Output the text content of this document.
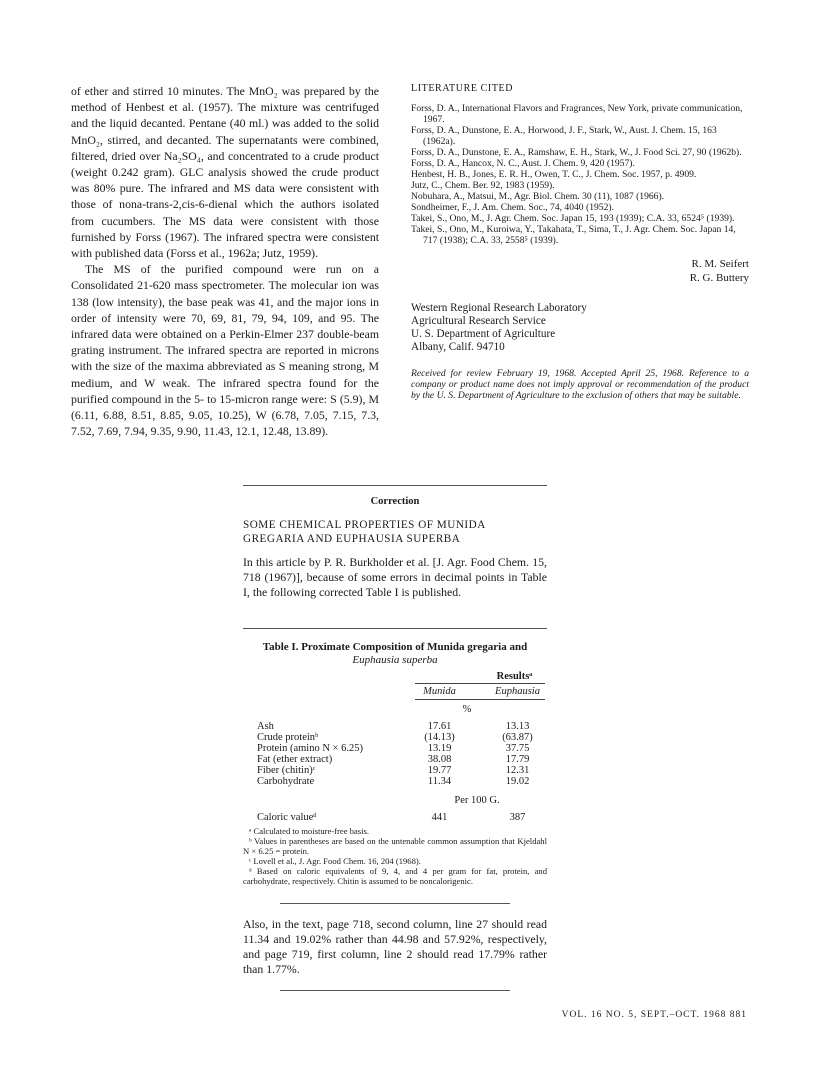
of ether and stirred 10 minutes. The MnO₂ was prepared by the method of Henbest et al. (1957). The mixture was centrifuged and the liquid decanted. Pentane (40 ml.) was added to the solid MnO₂, stirred, and decanted. The supernatants were combined, filtered, dried over Na₂SO₄, and concentrated to a crude product (weight 0.242 gram). GLC analysis showed the crude product was 80% pure. The infrared and MS data were consistent with those of nona-trans-2,cis-6-dienal which the authors isolated from cucumbers. The MS data were consistent with those furnished by Forss (1967). The infrared spectra were consistent with published data (Forss et al., 1962a; Jutz, 1959).

The MS of the purified compound were run on a Consolidated 21-620 mass spectrometer. The molecular ion was 138 (low intensity), the base peak was 41, and the major ions in order of intensity were 70, 69, 81, 79, 94, 109, and 95. The infrared data were obtained on a Perkin-Elmer 237 double-beam grating instrument. The infrared spectra are reported in microns with the size of the maxima abbreviated as S meaning strong, M medium, and W weak. The infrared spectra found for the purified compound in the 5- to 15-micron range were: S (5.9), M (6.11, 6.88, 8.51, 8.85, 9.05, 10.25), W (6.78, 7.05, 7.15, 7.3, 7.52, 7.69, 7.94, 9.35, 9.90, 11.43, 12.1, 12.48, 13.89).

LITERATURE CITED

Forss, D. A., International Flavors and Fragrances, New York, private communication, 1967.

Forss, D. A., Dunstone, E. A., Horwood, J. F., Stark, W., Aust. J. Chem. 15, 163 (1962a).

Forss, D. A., Dunstone, E. A., Ramshaw, E. H., Stark, W., J. Food Sci. 27, 90 (1962b).

Forss, D. A., Hancox, N. C., Aust. J. Chem. 9, 420 (1957).

Henbest, H. B., Jones, E. R. H., Owen, T. C., J. Chem. Soc. 1957, p. 4909.

Jutz, C., Chem. Ber. 92, 1983 (1959).

Nobuhara, A., Matsui, M., Agr. Biol. Chem. 30 (11), 1087 (1966).

Sondheimer, F., J. Am. Chem. Soc., 74, 4040 (1952).

Takei, S., Ono, M., J. Agr. Chem. Soc. Japan 15, 193 (1939); C.A. 33, 6524⁵ (1939).

Takei, S., Ono, M., Kuroiwa, Y., Takahata, T., Sima, T., J. Agr. Chem. Soc. Japan 14, 717 (1938); C.A. 33, 2558⁵ (1939).

R. M. Seifert
R. G. Buttery
Western Regional Research Laboratory
Agricultural Research Service
U. S. Department of Agriculture
Albany, Calif. 94710

Received for review February 19, 1968. Accepted April 25, 1968. Reference to a company or product name does not imply approval or recommendation of the product by the U. S. Department of Agriculture to the exclusion of others that may be suitable.

Correction

SOME CHEMICAL PROPERTIES OF MUNIDA GREGARIA AND EUPHAUSIA SUPERBA

In this article by P. R. Burkholder et al. [J. Agr. Food Chem. 15, 718 (1967)], because of some errors in decimal points in Table I, the following corrected Table I is published.

Table I. Proximate Composition of Munida gregaria and

Euphausia superba

Resultsᵃ
Munida	Euphausia
%
Ash	17.61	13.13
Crude proteinᵇ	(14.13)	(63.87)
Protein (amino N × 6.25)	13.19	37.75
Fat (ether extract)	38.08	17.79
Fiber (chitin)ᶜ	19.77	12.31
Carbohydrate	11.34	19.02
Per 100 G.
Caloric valueᵈ	441	387

ᵃ Calculated to moisture-free basis.

ᵇ Values in parentheses are based on the untenable common assumption that Kjeldahl N × 6.25 = protein.

ᶜ Lovell et al., J. Agr. Food Chem. 16, 204 (1968).

ᵈ Based on caloric equivalents of 9, 4, and 4 per gram for fat, protein, and carbohydrate, respectively. Chitin is assumed to be noncalorigenic.

Also, in the text, page 718, second column, line 27 should read 11.34 and 19.02% rather than 44.98 and 57.92%, respectively, and page 719, first column, line 2 should read 17.79% rather than 1.77%.

VOL. 16 NO. 5, SEPT.–OCT. 1968 881
